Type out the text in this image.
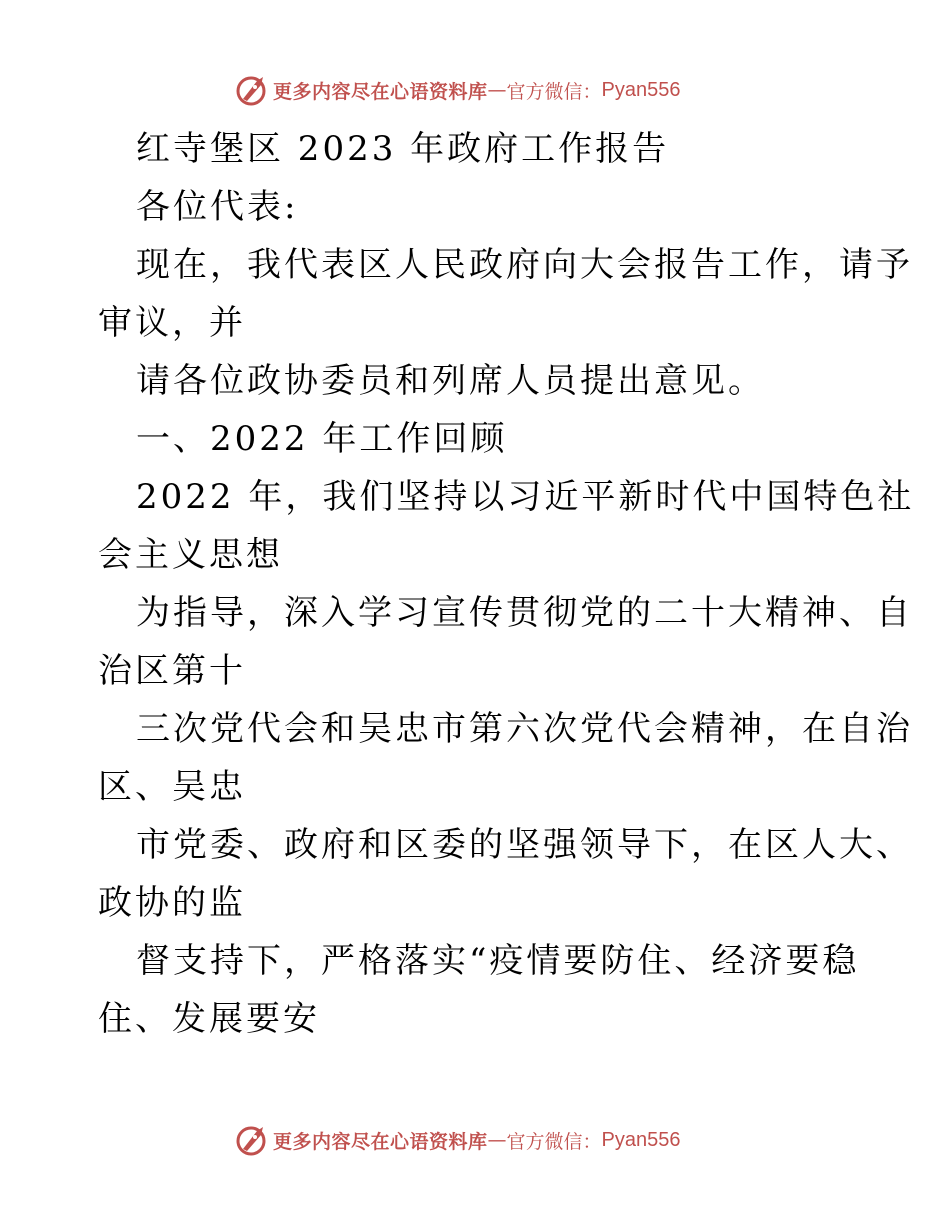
更多内容尽在心语资料库 — 官方微信： Pyan556
红寺堡区 2023 年政府工作报告
各位代表:
现在，我代表区人民政府向大会报告工作，请予
审议，并
请各位政协委员和列席人员提出意见。
一、2022 年工作回顾
2022 年，我们坚持以习近平新时代中国特色社
会主义思想
为指导，深入学习宣传贯彻党的二十大精神、自
治区第十
三次党代会和吴忠市第六次党代会精神，在自治
区、吴忠
市党委、政府和区委的坚强领导下，在区人大、
政协的监
督支持下，严格落实“疫情要防住、经济要稳
住、发展要安
更多内容尽在心语资料库 — 官方微信： Pyan556
